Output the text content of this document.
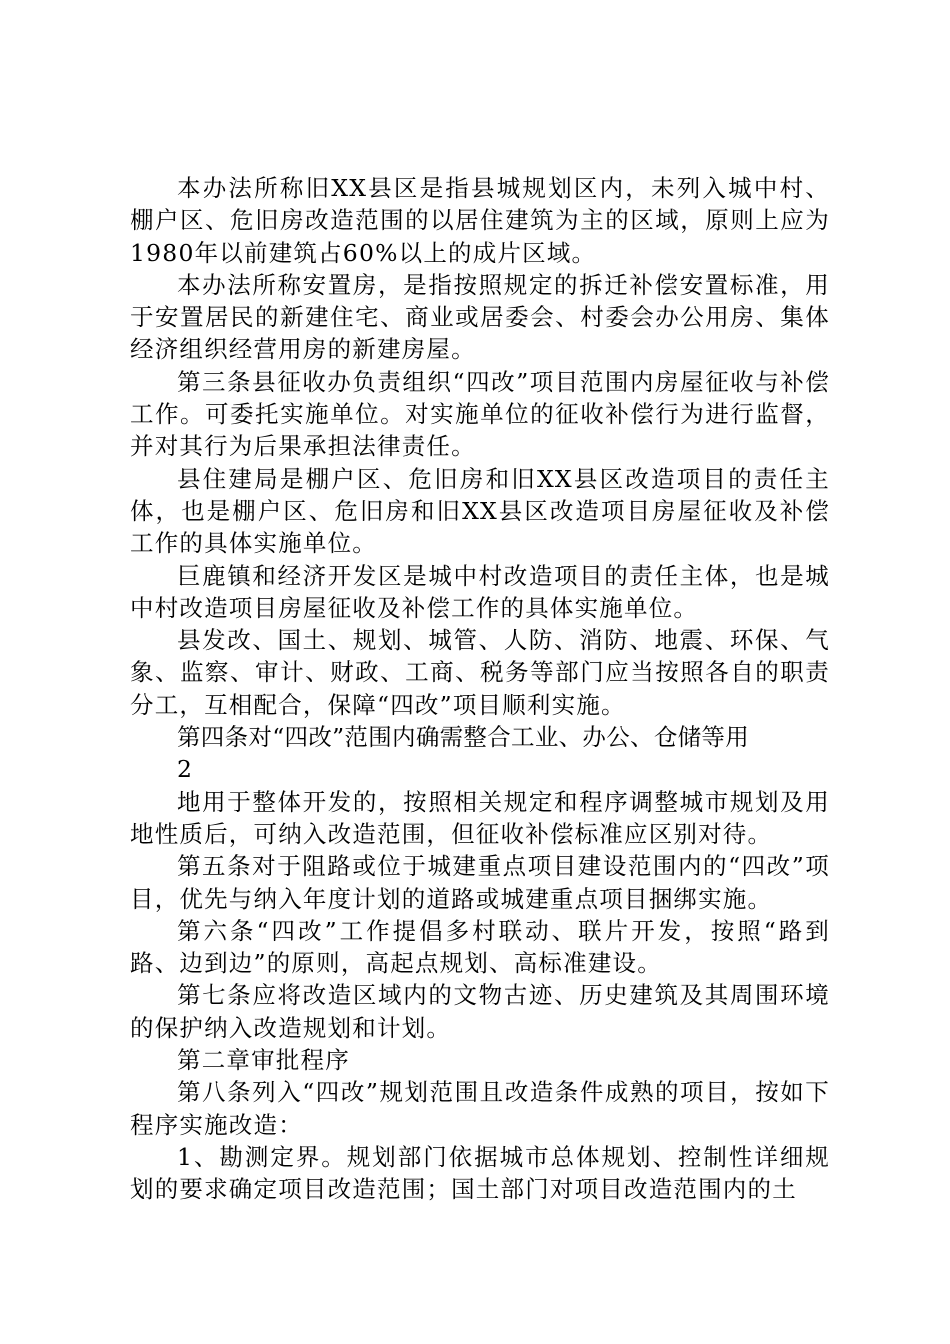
本办法所称旧XX县区是指县城规划区内，未列入城中村、棚户区、危旧房改造范围的以居住建筑为主的区域，原则上应为1980年以前建筑占60%以上的成片区域。

本办法所称安置房，是指按照规定的拆迁补偿安置标准，用于安置居民的新建住宅、商业或居委会、村委会办公用房、集体经济组织经营用房的新建房屋。

第三条县征收办负责组织“四改”项目范围内房屋征收与补偿工作。可委托实施单位。对实施单位的征收补偿行为进行监督，并对其行为后果承担法律责任。

县住建局是棚户区、危旧房和旧XX县区改造项目的责任主体，也是棚户区、危旧房和旧XX县区改造项目房屋征收及补偿工作的具体实施单位。

巨鹿镇和经济开发区是城中村改造项目的责任主体，也是城中村改造项目房屋征收及补偿工作的具体实施单位。

县发改、国土、规划、城管、人防、消防、地震、环保、气象、监察、审计、财政、工商、税务等部门应当按照各自的职责分工，互相配合，保障“四改”项目顺利实施。

第四条对“四改”范围内确需整合工业、办公、仓储等用

2

地用于整体开发的，按照相关规定和程序调整城市规划及用地性质后，可纳入改造范围，但征收补偿标准应区别对待。

第五条对于阻路或位于城建重点项目建设范围内的“四改”项目，优先与纳入年度计划的道路或城建重点项目捆绑实施。

第六条“四改”工作提倡多村联动、联片开发，按照“路到路、边到边”的原则，高起点规划、高标准建设。

第七条应将改造区域内的文物古迹、历史建筑及其周围环境的保护纳入改造规划和计划。

第二章审批程序

第八条列入“四改”规划范围且改造条件成熟的项目，按如下程序实施改造：

1、勘测定界。规划部门依据城市总体规划、控制性详细规划的要求确定项目改造范围；国土部门对项目改造范围内的土
